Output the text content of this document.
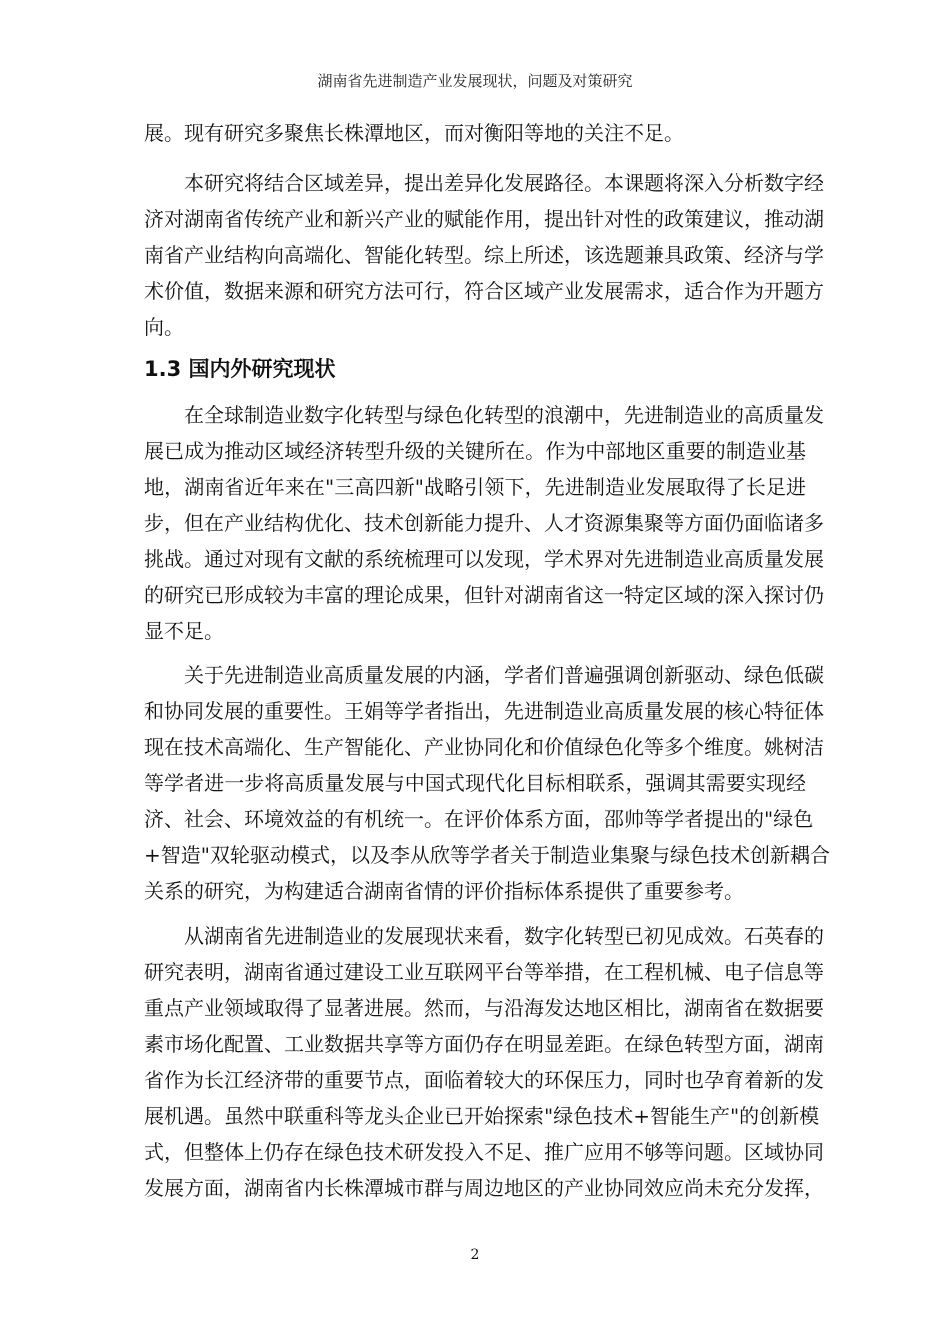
湖南省先进制造产业发展现状，问题及对策研究
展。现有研究多聚焦长株潭地区，而对衡阳等地的关注不足。
本研究将结合区域差异，提出差异化发展路径。本课题将深入分析数字经
济对湖南省传统产业和新兴产业的赋能作用，提出针对性的政策建议，推动湖
南省产业结构向高端化、智能化转型。综上所述，该选题兼具政策、经济与学
术价值，数据来源和研究方法可行，符合区域产业发展需求，适合作为开题方
向。
1.3 国内外研究现状
在全球制造业数字化转型与绿色化转型的浪潮中，先进制造业的高质量发
展已成为推动区域经济转型升级的关键所在。作为中部地区重要的制造业基
地，湖南省近年来在"三高四新"战略引领下，先进制造业发展取得了长足进
步，但在产业结构优化、技术创新能力提升、人才资源集聚等方面仍面临诸多
挑战。通过对现有文献的系统梳理可以发现，学术界对先进制造业高质量发展
的研究已形成较为丰富的理论成果，但针对湖南省这一特定区域的深入探讨仍
显不足。
关于先进制造业高质量发展的内涵，学者们普遍强调创新驱动、绿色低碳
和协同发展的重要性。王娟等学者指出，先进制造业高质量发展的核心特征体
现在技术高端化、生产智能化、产业协同化和价值绿色化等多个维度。姚树洁
等学者进一步将高质量发展与中国式现代化目标相联系，强调其需要实现经
济、社会、环境效益的有机统一。在评价体系方面，邵帅等学者提出的"绿色
+智造"双轮驱动模式，以及李从欣等学者关于制造业集聚与绿色技术创新耦合
关系的研究，为构建适合湖南省情的评价指标体系提供了重要参考。
从湖南省先进制造业的发展现状来看，数字化转型已初见成效。石英春的
研究表明，湖南省通过建设工业互联网平台等举措，在工程机械、电子信息等
重点产业领域取得了显著进展。然而，与沿海发达地区相比，湖南省在数据要
素市场化配置、工业数据共享等方面仍存在明显差距。在绿色转型方面，湖南
省作为长江经济带的重要节点，面临着较大的环保压力，同时也孕育着新的发
展机遇。虽然中联重科等龙头企业已开始探索"绿色技术+智能生产"的创新模
式，但整体上仍存在绿色技术研发投入不足、推广应用不够等问题。区域协同
发展方面，湖南省内长株潭城市群与周边地区的产业协同效应尚未充分发挥，
2
